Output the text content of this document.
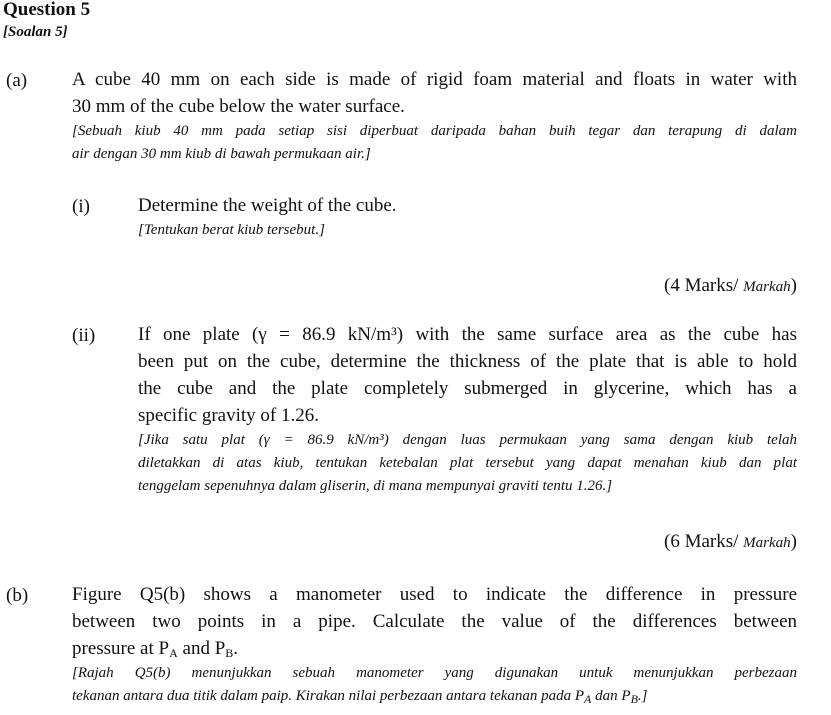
Question 5
[Soalan 5]
(a) A cube 40 mm on each side is made of rigid foam material and floats in water with
30 mm of the cube below the water surface.
[Sebuah kiub 40 mm pada setiap sisi diperbuat daripada bahan buih tegar dan terapung di dalam
air dengan 30 mm kiub di bawah permukaan air.]
(i)	Determine the weight of the cube.
[Tentukan berat kiub tersebut.]
(4 Marks/ Markah)
(ii) If one plate (γ = 86.9 kN/m³) with the same surface area as the cube has
been put on the cube, determine the thickness of the plate that is able to hold
the cube and the plate completely submerged in glycerine, which has a
specific gravity of 1.26.
[Jika satu plat (γ = 86.9 kN/m³) dengan luas permukaan yang sama dengan kiub telah
diletakkan di atas kiub, tentukan ketebalan plat tersebut yang dapat menahan kiub dan plat
tenggelam sepenuhnya dalam gliserin, di mana mempunyai graviti tentu 1.26.]
(6 Marks/ Markah)
(b) Figure Q5(b) shows a manometer used to indicate the difference in pressure
between two points in a pipe. Calculate the value of the differences between
pressure at $P_A$ and $P_B$.
[Rajah Q5(b) menunjukkan sebuah manometer yang digunakan untuk menunjukkan perbezaan
tekanan antara dua titik dalam paip. Kirakan nilai perbezaan antara tekanan pada $P_A$ dan $P_B$.]
